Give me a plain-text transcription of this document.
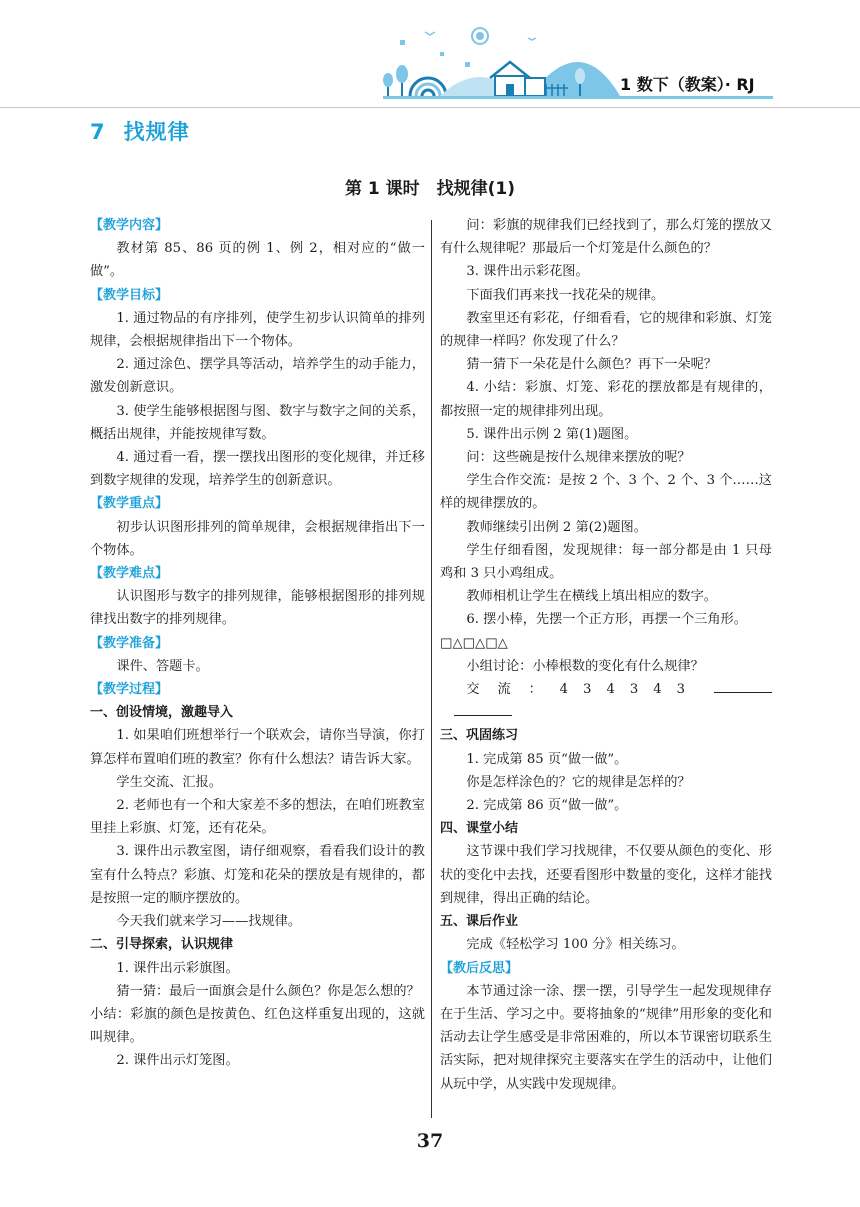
1 数下（教案）· RJ
7 找规律
第 1 课时　找规律(1)
【教学内容】
教材第 85、86 页的例 1、例 2，相对应的“做一做”。
【教学目标】
1. 通过物品的有序排列，使学生初步认识简单的排列规律，会根据规律指出下一个物体。
2. 通过涂色、摆学具等活动，培养学生的动手能力，激发创新意识。
3. 使学生能够根据图与图、数字与数字之间的关系，概括出规律，并能按规律写数。
4. 通过看一看，摆一摆找出图形的变化规律，并迁移到数字规律的发现，培养学生的创新意识。
【教学重点】
初步认识图形排列的简单规律，会根据规律指出下一个物体。
【教学难点】
认识图形与数字的排列规律，能够根据图形的排列规律找出数字的排列规律。
【教学准备】
课件、答题卡。
【教学过程】
一、创设情境，激趣导入
1. 如果咱们班想举行一个联欢会，请你当导演，你打算怎样布置咱们班的教室？你有什么想法？请告诉大家。
学生交流、汇报。
2. 老师也有一个和大家差不多的想法，在咱们班教室里挂上彩旗、灯笼，还有花朵。
3. 课件出示教室图，请仔细观察，看看我们设计的教室有什么特点？彩旗、灯笼和花朵的摆放是有规律的，都是按照一定的顺序摆放的。
今天我们就来学习——找规律。
二、引导探索，认识规律
1. 课件出示彩旗图。
猜一猜：最后一面旗会是什么颜色？你是怎么想的？
小结：彩旗的颜色是按黄色、红色这样重复出现的，这就叫规律。
2. 课件出示灯笼图。
问：彩旗的规律我们已经找到了，那么灯笼的摆放又有什么规律呢？那最后一个灯笼是什么颜色的？
3. 课件出示彩花图。
下面我们再来找一找花朵的规律。
教室里还有彩花，仔细看看，它的规律和彩旗、灯笼的规律一样吗？你发现了什么？
猜一猜下一朵花是什么颜色？再下一朵呢？
4. 小结：彩旗、灯笼、彩花的摆放都是有规律的，都按照一定的规律排列出现。
5. 课件出示例 2 第(1)题图。
问：这些碗是按什么规律来摆放的呢？
学生合作交流：是按 2 个、3 个、2 个、3 个……这样的规律摆放的。
教师继续引出例 2 第(2)题图。
学生仔细看图，发现规律：每一部分都是由 1 只母鸡和 3 只小鸡组成。
教师相机让学生在横线上填出相应的数字。
6. 摆小棒，先摆一个正方形，再摆一个三角形。
□△□△□△
小组讨论：小棒根数的变化有什么规律？
交流：4 3 4 3 4 3
三、巩固练习
1. 完成第 85 页“做一做”。
你是怎样涂色的？它的规律是怎样的？
2. 完成第 86 页“做一做”。
四、课堂小结
这节课中我们学习找规律，不仅要从颜色的变化、形状的变化中去找，还要看图形中数量的变化，这样才能找到规律，得出正确的结论。
五、课后作业
完成《轻松学习 100 分》相关练习。
【教后反思】
本节通过涂一涂、摆一摆，引导学生一起发现规律存在于生活、学习之中。要将抽象的“规律”用形象的变化和活动去让学生感受是非常困难的，所以本节课密切联系生活实际，把对规律探究主要落实在学生的活动中，让他们从玩中学，从实践中发现规律。
37
